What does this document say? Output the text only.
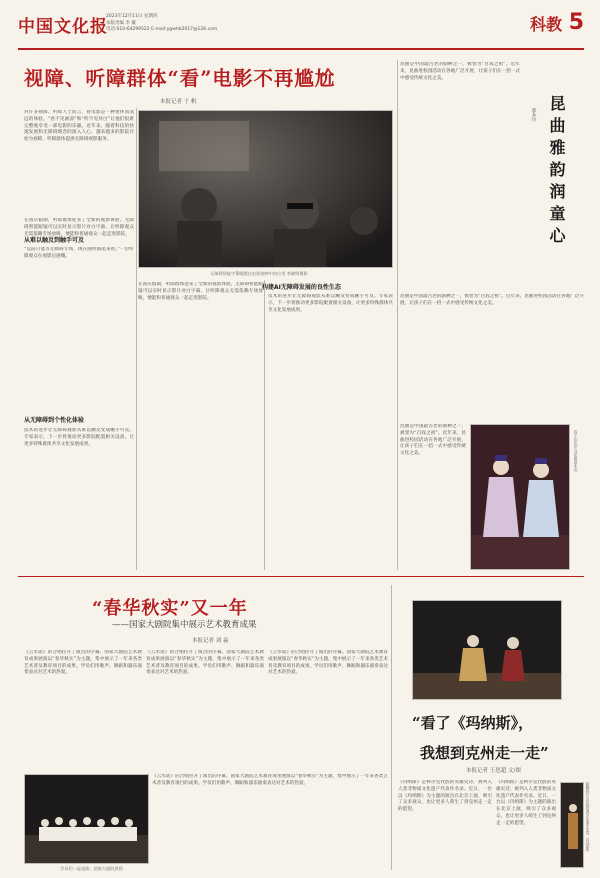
中国文化报
2023年12月11日 星期四
本版责编 李 戴
电话:010-64299522 E-mail:ygwhb2017@126.com	科教 5
视障、听障群体“看”电影不再尴尬
本报记者 于 帆
对许多视障、听障人士而言，看电影是一种奢侈而遥远的体验。“看不见画面”和“听不见对白”让他们很难完整地享受一部电影的乐趣。近年来，随着科技的快速发展和无障碍理念的深入人心，越来越多的影院开始为视障、听障群体提供无障碍观影服务。
在国庆假期，听障群体迎来了全新的观影体验。无障碍智能眼镜可以实时显示影片对白字幕，让听障观众无需依赖专场放映，便能和普通观众一起走进影院。
从难以触及到触手可及
“以前只能等无障碍专场，现在随时都能来看。”一位听障观众在观影后感慨。
从无障碍到个性化体验
技术的进步让无障碍观影从难以触及变成触手可及。专家表示，下一步将推动更多影院配置相关设备，让更多特殊群体共享文化发展成果。
无障碍智能字幕眼镜在电影放映中的应用 李晓明摄影
在国庆假期，听障群体迎来了全新的观影体验。无障碍智能眼镜可以实时显示影片对白字幕，让听障观众无需依赖专场放映，便能和普通观众一起走进影院。
构建AI无障碍发展的良性生态
技术的进步让无障碍观影从难以触及变成触手可及。专家表示，下一步将推动更多影院配置相关设备，让更多特殊群体共享文化发展成果。
昆曲是中国最古老的剧种之一，被誉为“百戏之祖”。近年来，昆曲进校园活动在各地广泛开展，让孩子们在一招一式中感受传统文化之美。
昆曲雅韵润童心
郝本玲
昆曲是中国最古老的剧种之一，被誉为“百戏之祖”。近年来，昆曲进校园活动在各地广泛开展，让孩子们在一招一式中感受传统文化之美。
孩子们在学习昆曲基本功
昆曲是中国最古老的剧种之一，被誉为“百戏之祖”。近年来，昆曲进校园活动在各地广泛开展，让孩子们在一招一式中感受传统文化之美。
“春华秋实”又一年
——国家大剧院集中展示艺术教育成果
本报记者 刘 淼
《云水谣》的合唱拉开了演出的序幕。国家大剧院艺术教育成果展演以“春华秋实”为主题，集中展示了一年来各类艺术普及教育项目的成果。学员们用歌声、舞蹈和器乐演奏表达对艺术的热爱。
《云水谣》的合唱拉开了演出的序幕。国家大剧院艺术教育成果展演以“春华秋实”为主题，集中展示了一年来各类艺术普及教育项目的成果。学员们用歌声、舞蹈和器乐演奏表达对艺术的热爱。
《云水谣》的合唱拉开了演出的序幕。国家大剧院艺术教育成果展演以“春华秋实”为主题，集中展示了一年来各类艺术普及教育项目的成果。学员们用歌声、舞蹈和器乐演奏表达对艺术的热爱。
学员们一起表演。国家大剧院供图
《云水谣》的合唱拉开了演出的序幕。国家大剧院艺术教育成果展演以“春华秋实”为主题，集中展示了一年来各类艺术普及教育项目的成果。学员们用歌声、舞蹈和器乐演奏表达对艺术的热爱。
“看了《玛纳斯》，
我想到克州走一走”
本报记者 王思超 文/图
《玛纳斯》是柯尔克孜族的英雄史诗，被列入人类非物质文化遗产代表作名录。近日，一台以《玛纳斯》为主题的演出在北京上演，吸引了众多观众，也让更多人萌生了到克州走一走的愿望。
《玛纳斯》是柯尔克孜族的英雄史诗，被列入人类非物质文化遗产代表作名录。近日，一台以《玛纳斯》为主题的演出在北京上演，吸引了众多观众，也让更多人萌生了到克州走一走的愿望。	新疆柯尔克孜族演员在演出史诗《玛纳斯》
